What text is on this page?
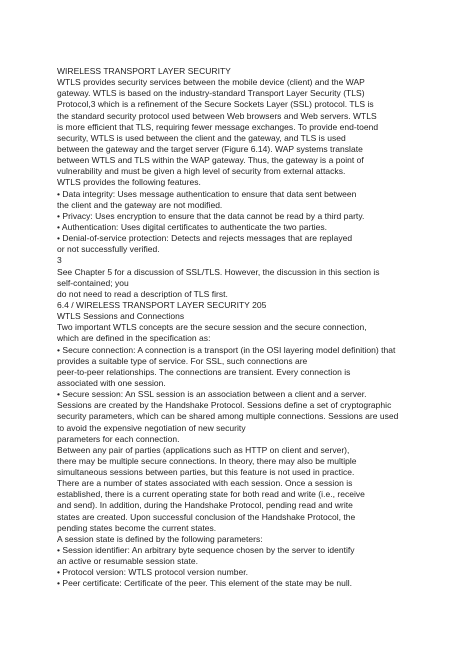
WIRELESS TRANSPORT LAYER SECURITY
WTLS provides security services between the mobile device (client) and the WAP
gateway. WTLS is based on the industry-standard Transport Layer Security (TLS)
Protocol,3 which is a refinement of the Secure Sockets Layer (SSL) protocol. TLS is
the standard security protocol used between Web browsers and Web servers. WTLS
is more efficient that TLS, requiring fewer message exchanges. To provide end-toend
security, WTLS is used between the client and the gateway, and TLS is used
between the gateway and the target server (Figure 6.14). WAP systems translate
between WTLS and TLS within the WAP gateway. Thus, the gateway is a point of
vulnerability and must be given a high level of security from external attacks.
WTLS provides the following features.
• Data integrity: Uses message authentication to ensure that data sent between
the client and the gateway are not modified.
• Privacy: Uses encryption to ensure that the data cannot be read by a third party.
• Authentication: Uses digital certificates to authenticate the two parties.
• Denial-of-service protection: Detects and rejects messages that are replayed
or not successfully verified.
3
See Chapter 5 for a discussion of SSL/TLS. However, the discussion in this section is
self-contained; you
do not need to read a description of TLS first.
6.4 / WIRELESS TRANSPORT LAYER SECURITY 205
WTLS Sessions and Connections
Two important WTLS concepts are the secure session and the secure connection,
which are defined in the specification as:
• Secure connection: A connection is a transport (in the OSI layering model definition) that
provides a suitable type of service. For SSL, such connections are
peer-to-peer relationships. The connections are transient. Every connection is
associated with one session.
• Secure session: An SSL session is an association between a client and a server.
Sessions are created by the Handshake Protocol. Sessions define a set of cryptographic
security parameters, which can be shared among multiple connections. Sessions are used
to avoid the expensive negotiation of new security
parameters for each connection.
Between any pair of parties (applications such as HTTP on client and server),
there may be multiple secure connections. In theory, there may also be multiple
simultaneous sessions between parties, but this feature is not used in practice.
There are a number of states associated with each session. Once a session is
established, there is a current operating state for both read and write (i.e., receive
and send). In addition, during the Handshake Protocol, pending read and write
states are created. Upon successful conclusion of the Handshake Protocol, the
pending states become the current states.
A session state is defined by the following parameters:
• Session identifier: An arbitrary byte sequence chosen by the server to identify
an active or resumable session state.
• Protocol version: WTLS protocol version number.
• Peer certificate: Certificate of the peer. This element of the state may be null.
